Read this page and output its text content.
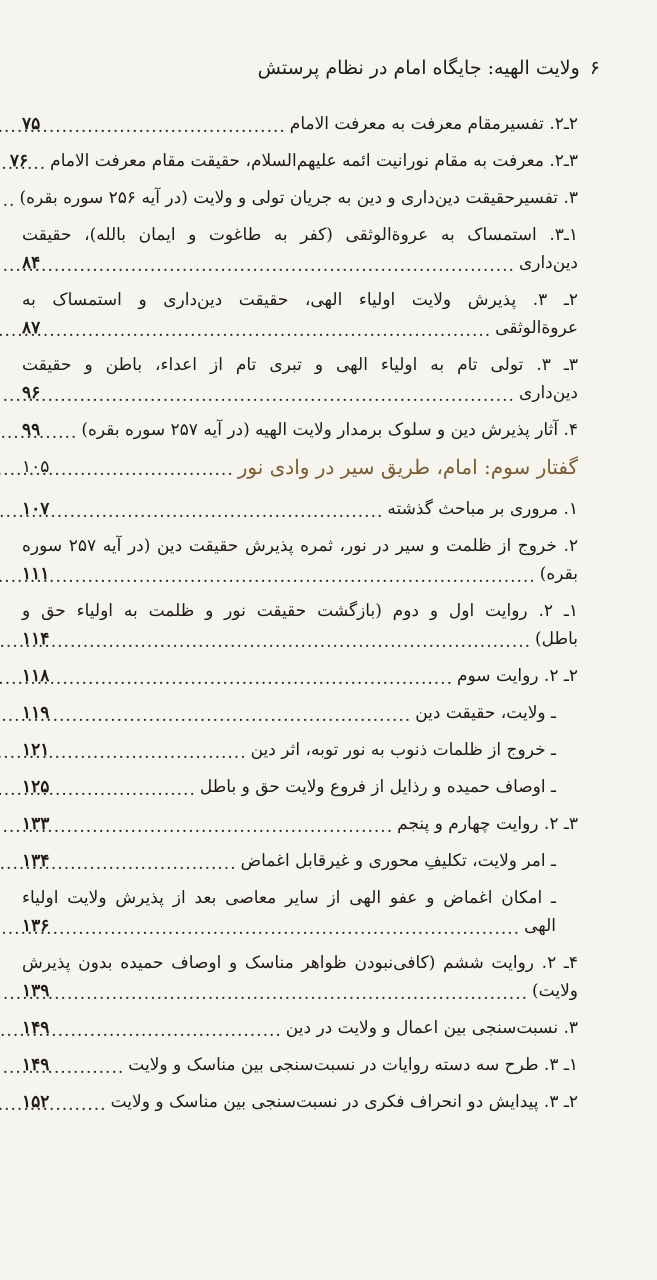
۶
ولایت الهیه: جایگاه امام در نظام پرستش
۲ـ۲. تفسیرمقام معرفت به معرفت الامام
.....
۷۵
۳ـ۲. معرفت به مقام نورانیت ائمه علیهم‌السلام، حقیقت مقام معرفت الامام
.....
۷۶
۳. تفسیرحقیقت دین‌داری و دین به جریان تولی و ولایت (در آیه ۲۵۶ سوره بقره)
.....
۱ـ۳. استمساک به عروة‌الوثقی (کفر به طاغوت و ایمان بالله)، حقیقت
دین‌داری
.....
۸۴
۲ـ ۳. پذیرش ولایت اولیاء الهی، حقیقت دین‌داری و استمساک به
عروة‌الوثقی
.....
۸۷
۳ـ ۳. تولی تام به اولیاء الهی و تبری تام از اعداء، باطن و حقیقت
دین‌داری
.....
۹۶
۴. آثار پذیرش دین و سلوک برمدار ولایت الهیه (در آیه ۲۵۷ سوره بقره)
.....
۹۹
گفتار سوم: امام، طریق سیر در وادی نور
.....
۱۰۵
۱. مروری بر مباحث گذشته
.....
۱۰۷
۲. خروج از ظلمت و سیر در نور، ثمره پذیرش حقیقت دین (در آیه ۲۵۷ سوره
بقره)
.....
۱۱۱
۱ـ ۲. روایت اول و دوم (بازگشت حقیقت نور و ظلمت به اولیاء حق و
باطل)
.....
۱۱۴
۲ـ ۲. روایت سوم
.....
۱۱۸
ـ ولایت، حقیقت دین
.....
۱۱۹
ـ خروج از ظلمات ذنوب به نور توبه، اثر دین
.....
۱۲۱
ـ اوصاف حمیده و رذایل از فروع ولایت حق و باطل
.....
۱۲۵
۳ـ ۲. روایت چهارم و پنجم
.....
۱۳۳
ـ امر ولایت، تکلیفِ محوری و غیرقابل اغماض
.....
۱۳۴
ـ امکان اغماض و عفو الهی از سایر معاصی بعد از پذیرش ولایت اولیاء
الهی
.....
۱۳۶
۴ـ ۲. روایت ششم (کافی‌نبودن ظواهر مناسک و اوصاف حمیده بدون پذیرش
ولایت)
.....
۱۳۹
۳. نسبت‌سنجی بین اعمال و ولایت در دین
.....
۱۴۹
۱ـ ۳. طرح سه دسته روایات در نسبت‌سنجی بین مناسک و ولایت
.....
۱۴۹
۲ـ ۳. پیدایش دو انحراف فکری در نسبت‌سنجی بین مناسک و ولایت
.....
۱۵۲
